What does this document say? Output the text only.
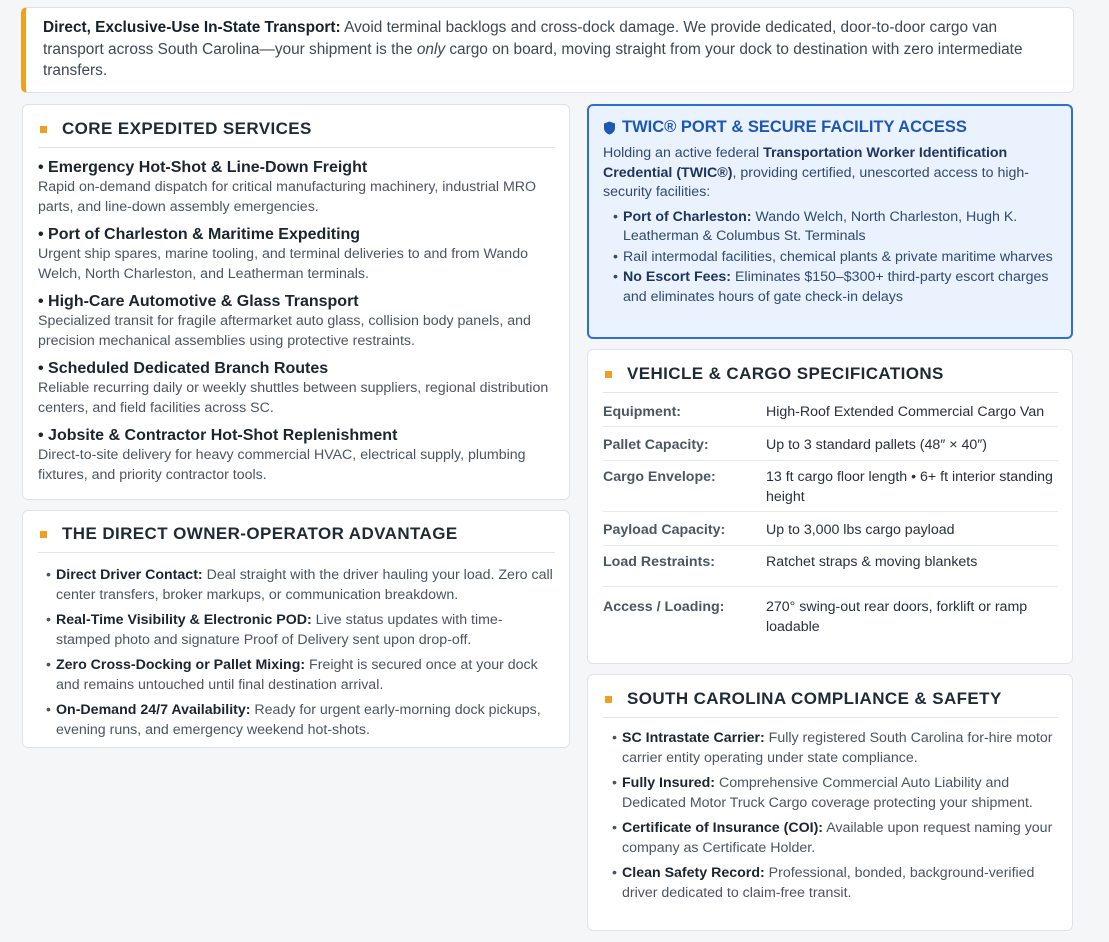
Direct, Exclusive-Use In-State Transport: Avoid terminal backlogs and cross-dock damage. We provide dedicated, door-to-door cargo van transport across South Carolina—your shipment is the only cargo on board, moving straight from your dock to destination with zero intermediate transfers.
CORE EXPEDITED SERVICES
• Emergency Hot-Shot & Line-Down Freight
Rapid on-demand dispatch for critical manufacturing machinery, industrial MRO parts, and line-down assembly emergencies.
• Port of Charleston & Maritime Expediting
Urgent ship spares, marine tooling, and terminal deliveries to and from Wando Welch, North Charleston, and Leatherman terminals.
• High-Care Automotive & Glass Transport
Specialized transit for fragile aftermarket auto glass, collision body panels, and precision mechanical assemblies using protective restraints.
• Scheduled Dedicated Branch Routes
Reliable recurring daily or weekly shuttles between suppliers, regional distribution centers, and field facilities across SC.
• Jobsite & Contractor Hot-Shot Replenishment
Direct-to-site delivery for heavy commercial HVAC, electrical supply, plumbing fixtures, and priority contractor tools.
THE DIRECT OWNER-OPERATOR ADVANTAGE
• Direct Driver Contact: Deal straight with the driver hauling your load. Zero call center transfers, broker markups, or communication breakdown.
• Real-Time Visibility & Electronic POD: Live status updates with time-stamped photo and signature Proof of Delivery sent upon drop-off.
• Zero Cross-Docking or Pallet Mixing: Freight is secured once at your dock and remains untouched until final destination arrival.
• On-Demand 24/7 Availability: Ready for urgent early-morning dock pickups, evening runs, and emergency weekend hot-shots.
TWIC® PORT & SECURE FACILITY ACCESS
Holding an active federal Transportation Worker Identification Credential (TWIC®), providing certified, unescorted access to high-security facilities:
• Port of Charleston: Wando Welch, North Charleston, Hugh K. Leatherman & Columbus St. Terminals
• Rail intermodal facilities, chemical plants & private maritime wharves
• No Escort Fees: Eliminates $150–$300+ third-party escort charges and eliminates hours of gate check-in delays
VEHICLE & CARGO SPECIFICATIONS
Equipment:	High-Roof Extended Commercial Cargo Van
Pallet Capacity:	Up to 3 standard pallets (48″ × 40″)
Cargo Envelope:	13 ft cargo floor length • 6+ ft interior standing height
Payload Capacity:	Up to 3,000 lbs cargo payload
Load Restraints:	Ratchet straps & moving blankets
Access / Loading:	270° swing-out rear doors, forklift or ramp loadable
SOUTH CAROLINA COMPLIANCE & SAFETY
• SC Intrastate Carrier: Fully registered South Carolina for-hire motor carrier entity operating under state compliance.
• Fully Insured: Comprehensive Commercial Auto Liability and Dedicated Motor Truck Cargo coverage protecting your shipment.
• Certificate of Insurance (COI): Available upon request naming your company as Certificate Holder.
• Clean Safety Record: Professional, bonded, background-verified driver dedicated to claim-free transit.
